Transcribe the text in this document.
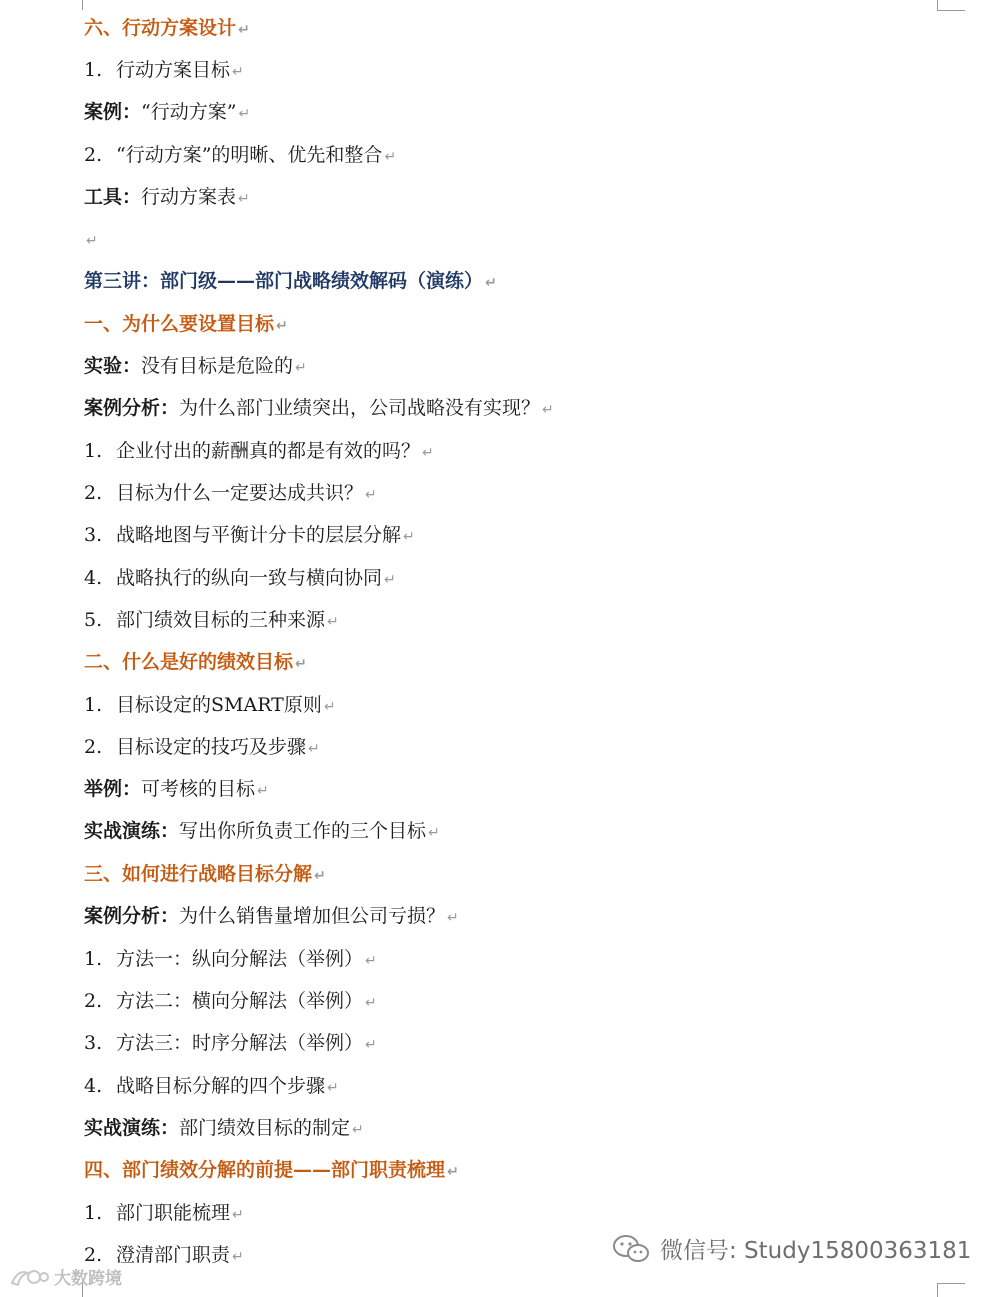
六、行动方案设计 ↵
1. 行动方案目标 ↵
案例：“行动方案” ↵
2. “行动方案”的明晰、优先和整合 ↵
工具：行动方案表 ↵
↵
第三讲：部门级——部门战略绩效解码（演练） ↵
一、为什么要设置目标 ↵
实验：没有目标是危险的 ↵
案例分析：为什么部门业绩突出，公司战略没有实现？ ↵
1. 企业付出的薪酬真的都是有效的吗？ ↵
2. 目标为什么一定要达成共识？ ↵
3. 战略地图与平衡计分卡的层层分解 ↵
4. 战略执行的纵向一致与横向协同 ↵
5. 部门绩效目标的三种来源 ↵
二、什么是好的绩效目标 ↵
1. 目标设定的SMART原则 ↵
2. 目标设定的技巧及步骤 ↵
举例：可考核的目标 ↵
实战演练：写出你所负责工作的三个目标 ↵
三、如何进行战略目标分解 ↵
案例分析：为什么销售量增加但公司亏损？ ↵
1. 方法一：纵向分解法（举例） ↵
2. 方法二：横向分解法（举例） ↵
3. 方法三：时序分解法（举例） ↵
4. 战略目标分解的四个步骤 ↵
实战演练：部门绩效目标的制定 ↵
四、部门绩效分解的前提——部门职责梳理 ↵
1. 部门职能梳理 ↵
2. 澄清部门职责 ↵	微信号: Study15800363181
大数跨境
